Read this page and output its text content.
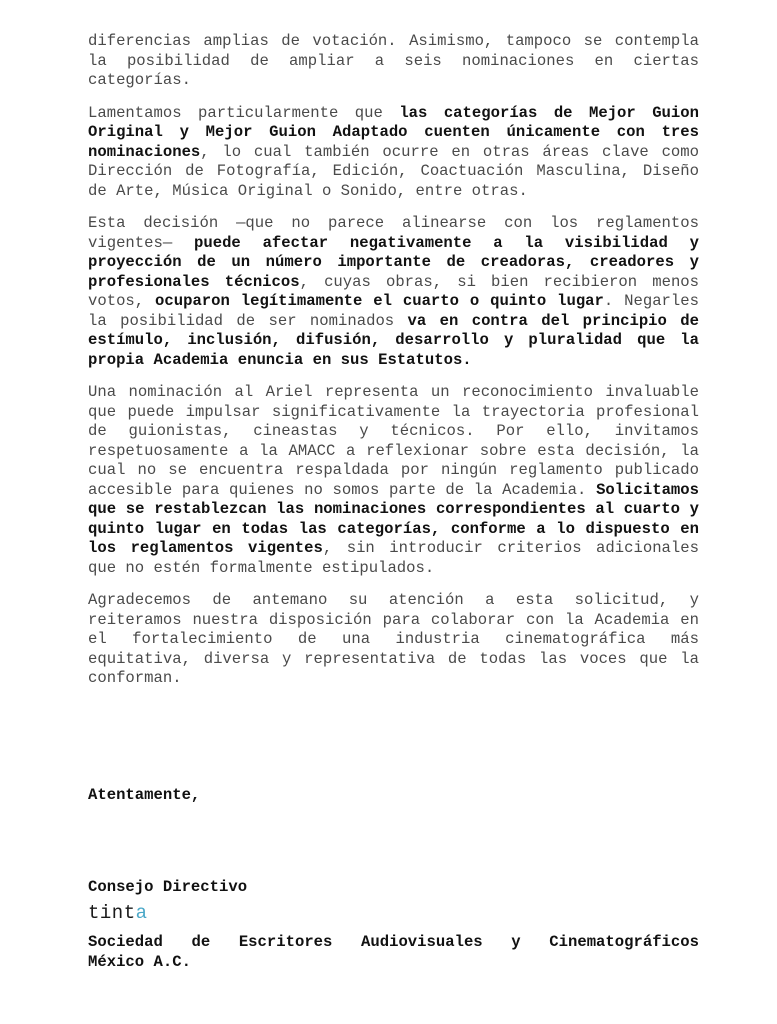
diferencias amplias de votación. Asimismo, tampoco se contempla la posibilidad de ampliar a seis nominaciones en ciertas categorías.

Lamentamos particularmente que las categorías de Mejor Guion Original y Mejor Guion Adaptado cuenten únicamente con tres nominaciones, lo cual también ocurre en otras áreas clave como Dirección de Fotografía, Edición, Coactuación Masculina, Diseño de Arte, Música Original o Sonido, entre otras.

Esta decisión —que no parece alinearse con los reglamentos vigentes— puede afectar negativamente a la visibilidad y proyección de un número importante de creadoras, creadores y profesionales técnicos, cuyas obras, si bien recibieron menos votos, ocuparon legítimamente el cuarto o quinto lugar. Negarles la posibilidad de ser nominados va en contra del principio de estímulo, inclusión, difusión, desarrollo y pluralidad que la propia Academia enuncia en sus Estatutos.

Una nominación al Ariel representa un reconocimiento invaluable que puede impulsar significativamente la trayectoria profesional de guionistas, cineastas y técnicos. Por ello, invitamos respetuosamente a la AMACC a reflexionar sobre esta decisión, la cual no se encuentra respaldada por ningún reglamento publicado accesible para quienes no somos parte de la Academia. Solicitamos que se restablezcan las nominaciones correspondientes al cuarto y quinto lugar en todas las categorías, conforme a lo dispuesto en los reglamentos vigentes, sin introducir criterios adicionales que no estén formalmente estipulados.

Agradecemos de antemano su atención a esta solicitud, y reiteramos nuestra disposición para colaborar con la Academia en el fortalecimiento de una industria cinematográfica más equitativa, diversa y representativa de todas las voces que la conforman.

Atentamente,
Consejo Directivo
tinta
Sociedad de Escritores Audiovisuales y Cinematográficos
México A.C.
